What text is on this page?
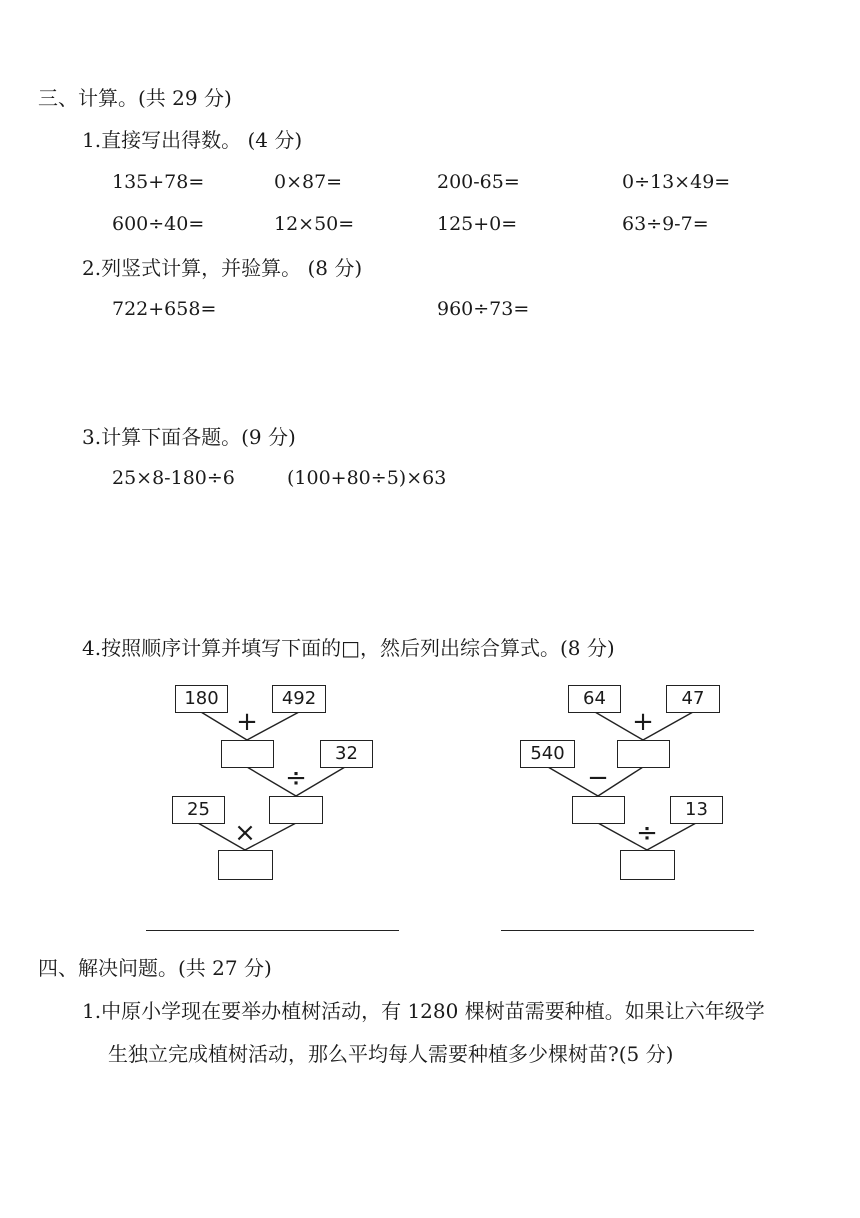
三、计算。(共 29 分)
1.直接写出得数。 (4 分)
135+78=	0×87=	200-65=	0÷13×49=
600÷40=	12×50=	125+0=	63÷9-7=
2.列竖式计算，并验算。 (8 分)
722+658=	960÷73=
3.计算下面各题。(9 分)
25×8-180÷6	(100+80÷5)×63
4.按照顺序计算并填写下面的□，然后列出综合算式。(8 分)
180	492
+
32
÷
25
×
64	47
+
540
−
13
÷
四、解决问题。(共 27 分)
1.中原小学现在要举办植树活动，有 1280 棵树苗需要种植。如果让六年级学
生独立完成植树活动，那么平均每人需要种植多少棵树苗?(5 分)
